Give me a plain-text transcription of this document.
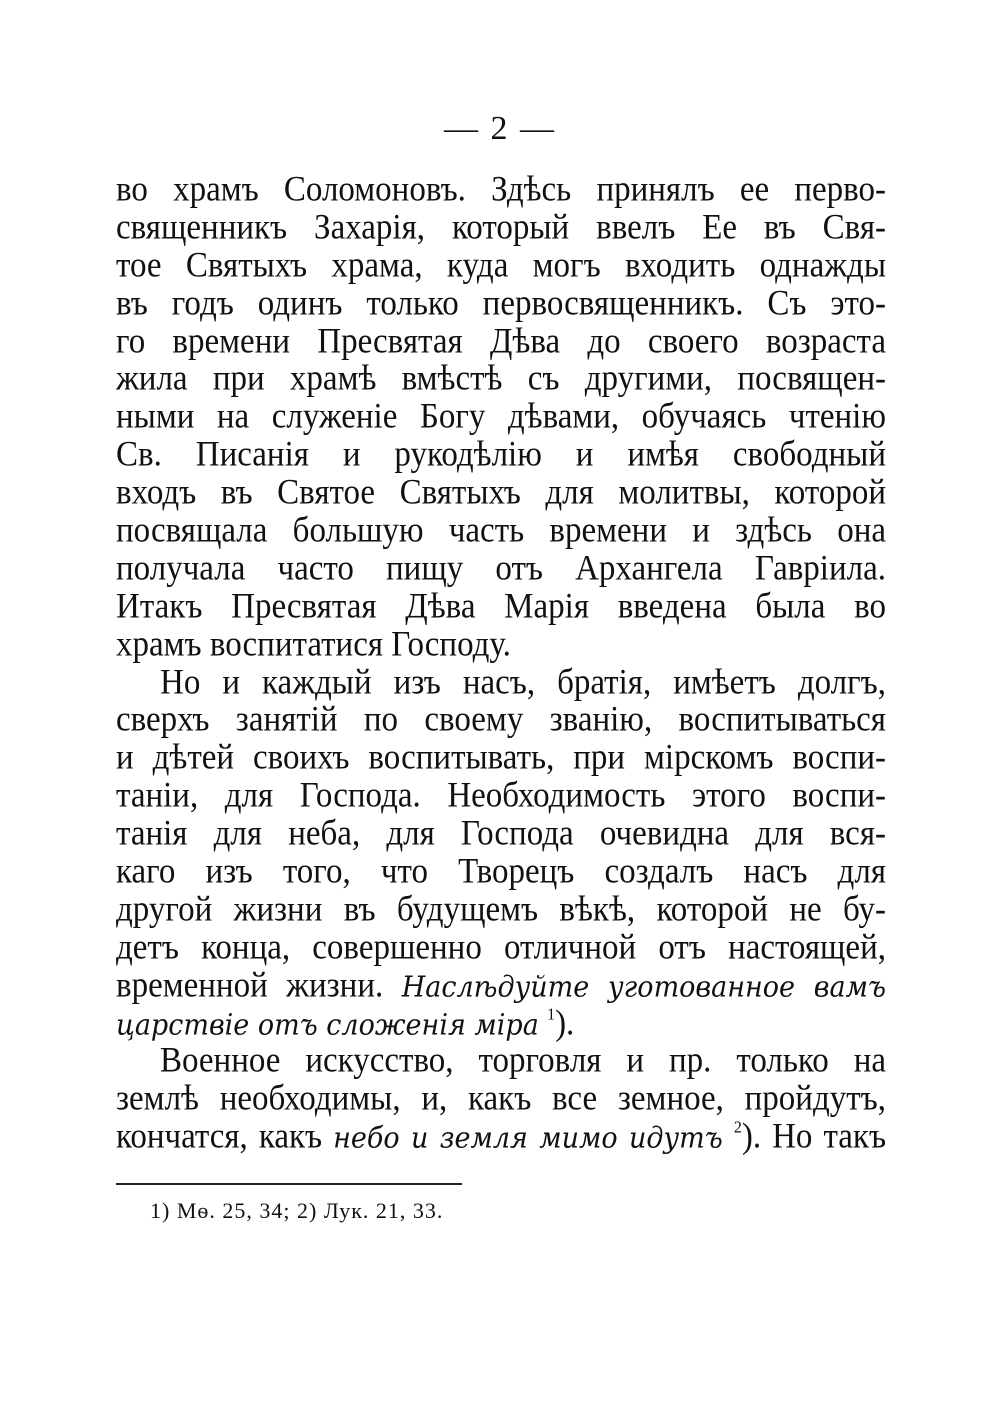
— 2 —
во храмъ Соломоновъ. Здѣсь принялъ ее перво-
священникъ Захарія, который ввелъ Ее въ Свя-
тое Святыхъ храма, куда могъ входить однажды
въ годъ одинъ только первосвященникъ. Съ это-
го времени Пресвятая Дѣва до своего возраста
жила при храмѣ вмѣстѣ съ другими, посвящен-
ными на служеніе Богу дѣвами, обучаясь чтенію
Св. Писанія и рукодѣлію и имѣя свободный
входъ въ Святое Святыхъ для молитвы, которой
посвящала большую часть времени и здѣсь она
получала часто пищу отъ Архангела Гавріила.
Итакъ Пресвятая Дѣва Марія введена была во
храмъ воспитатися Господу.
Но и каждый изъ насъ, братія, имѣетъ долгъ,
сверхъ занятій по своему званію, воспитываться
и дѣтей своихъ воспитывать, при мірскомъ воспи-
таніи, для Господа. Необходимость этого воспи-
танія для неба, для Господа очевидна для вся-
каго изъ того, что Творецъ создалъ насъ для
другой жизни въ будущемъ вѣкѣ, которой не бу-
детъ конца, совершенно отличной отъ настоящей,
временной жизни. Наслѣдуйте уготованное вамъ
царствіе отъ сложенія міра $^1$).
Военное искусство, торговля и пр. только на
землѣ необходимы, и, какъ все земное, пройдутъ,
кончатся, какъ небо и земля мимо идутъ $^2$). Но такъ
1) Мѳ. 25, 34; 2) Лук. 21, 33.
